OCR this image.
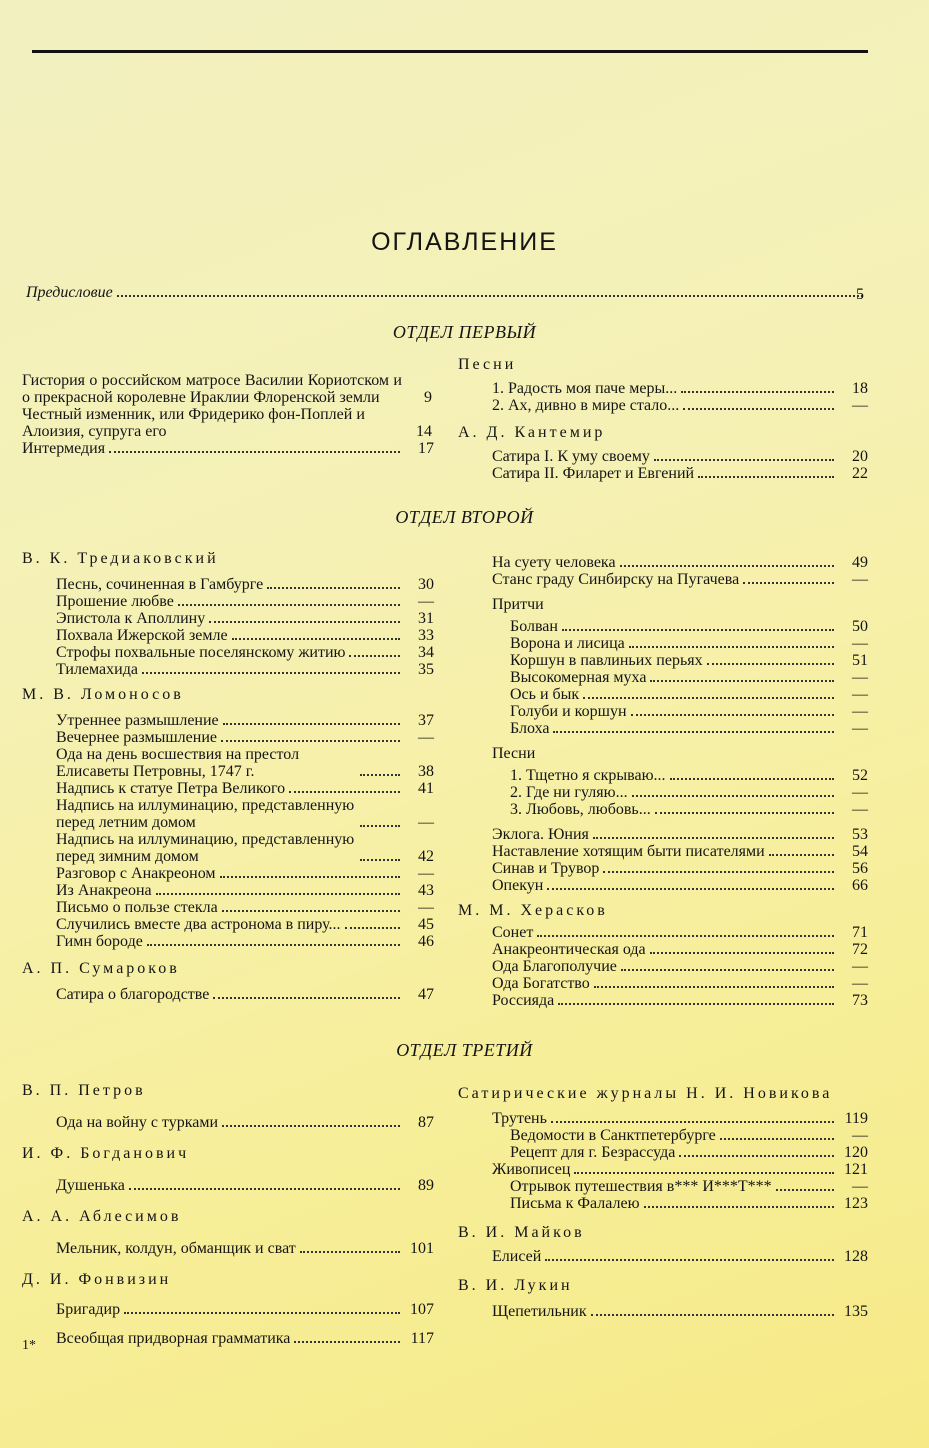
ОГЛАВЛЕНИЕ
Предисловие	5
ОТДЕЛ ПЕРВЫЙ
Гистория о российском матросе Василии Кориотском и о прекрасной королевне Ираклии Флоренской земли	9
Честный изменник, или Фридерико фон-Поплей и Алоизия, супруга его	14
Интермедия	17
Песни
1. Радость моя паче меры...	18
2. Ах, дивно в мире стало...	—
А. Д. Кантемир
Сатира I. К уму своему	20
Сатира II. Филарет и Евгений	22
ОТДЕЛ ВТОРОЙ
В. К. Тредиаковский
Песнь, сочиненная в Гамбурге	30
Прошение любве	—
Эпистола к Аполлину	31
Похвала Ижерской земле	33
Строфы похвальные поселянскому житию	34
Тилемахида	35
М. В. Ломоносов
Утреннее размышление	37
Вечернее размышление	—
Ода на день восшествия на престол Елисаветы Петровны, 1747 г.	38
Надпись к статуе Петра Великого	41
Надпись на иллуминацию, представленную перед летним домом	—
Надпись на иллуминацию, представленную перед зимним домом	42
Разговор с Анакреоном	—
Из Анакреона	43
Письмо о пользе стекла	—
Случились вместе два астронома в пиру...	45
Гимн бороде	46
А. П. Сумароков
Сатира о благородстве	47
На суету человека	49
Станс граду Синбирску на Пугачева	—
Притчи
Болван	50
Ворона и лисица	—
Коршун в павлиньих перьях	51
Высокомерная муха	—
Ось и бык	—
Голуби и коршун	—
Блоха	—
Песни
1. Тщетно я скрываю...	52
2. Где ни гуляю...	—
3. Любовь, любовь...	—
Эклога. Юния	53
Наставление хотящим быти писателями	54
Синав и Трувор	56
Опекун	66
М. М. Херасков
Сонет	71
Анакреонтическая ода	72
Ода Благополучие	—
Ода Богатство	—
Россияда	73
ОТДЕЛ ТРЕТИЙ
В. П. Петров
Ода на войну с турками	87
И. Ф. Богданович
Душенька	89
А. А. Аблесимов
Мельник, колдун, обманщик и сват	101
Д. И. Фонвизин
Бригадир	107
Всеобщая придворная грамматика	117
Сатирические журналы Н. И. Новикова
Трутень	119
Ведомости в Санктпетербурге	—
Рецепт для г. Безрассуда	120
Живописец	121
Отрывок путешествия в*** И***Т***	—
Письма к Фалалею	123
В. И. Майков
Елисей	128
В. И. Лукин
Щепетильник	135
1*
